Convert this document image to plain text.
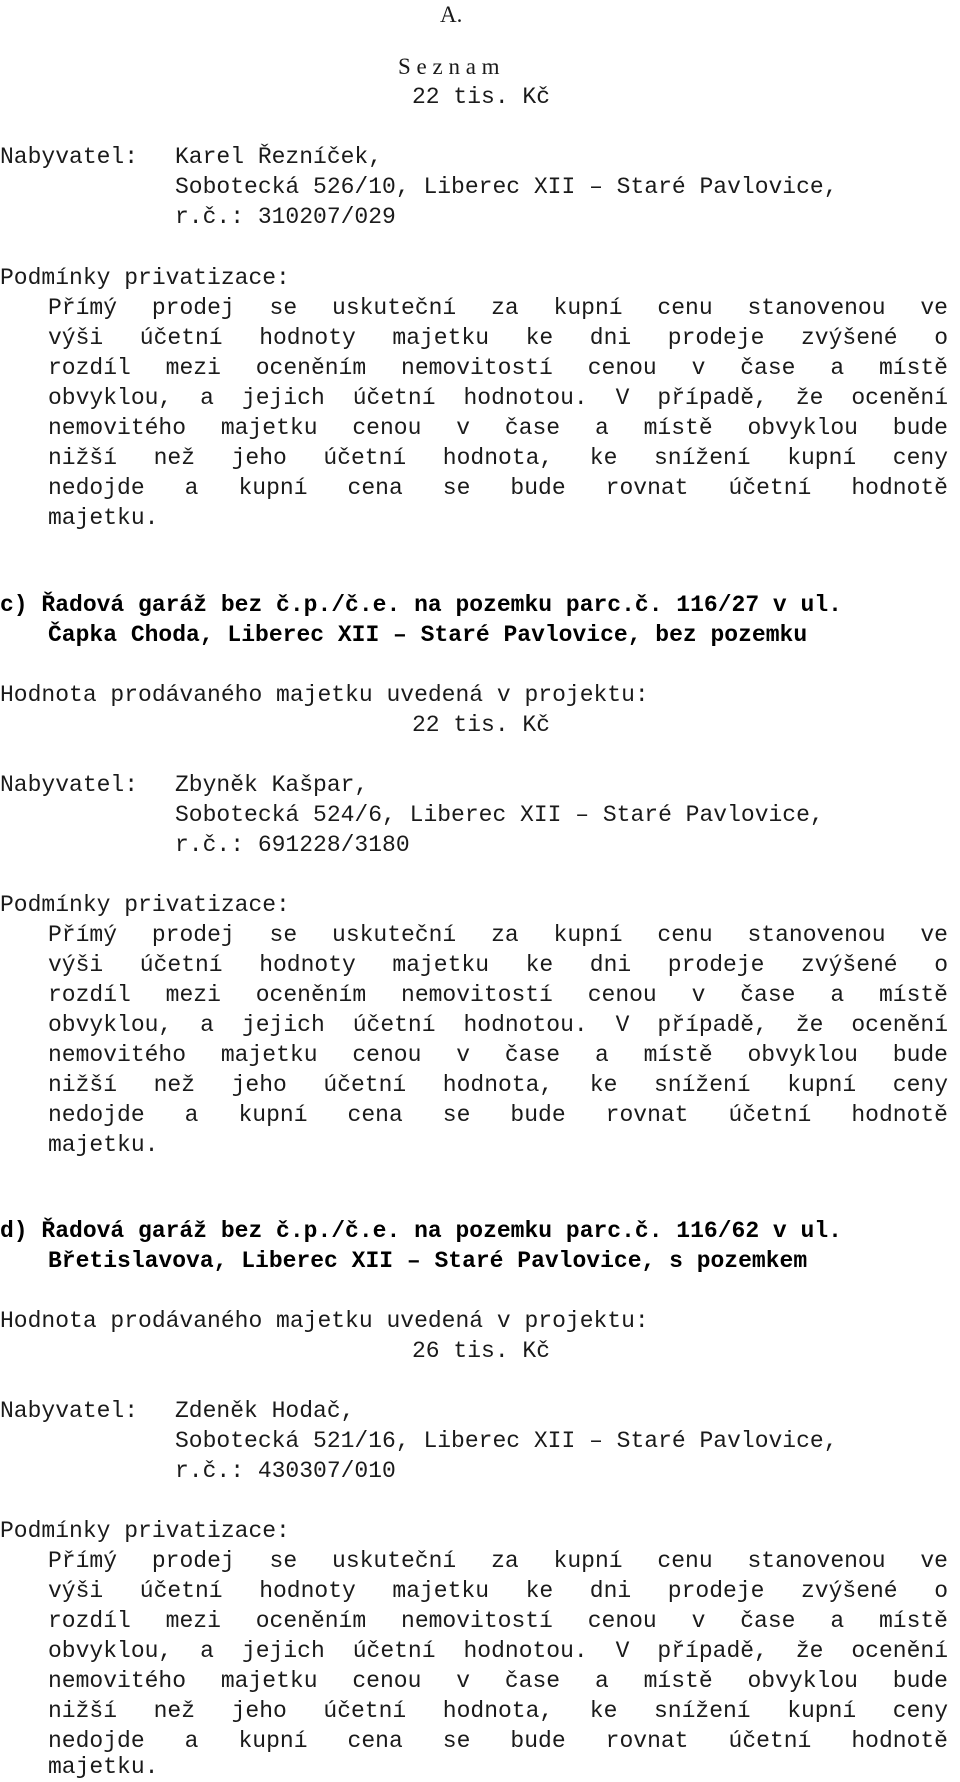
A.
S e z n a m
22 tis. Kč
Nabyvatel: Karel Řezníček,
Sobotecká 526/10, Liberec XII – Staré Pavlovice,
r.č.: 310207/029
Podmínky privatizace:
Přímý prodej se uskuteční za kupní cenu stanovenou ve
výši účetní hodnoty majetku ke dni prodeje zvýšené o
rozdíl mezi oceněním nemovitostí cenou v čase a místě
obvyklou, a jejich účetní hodnotou. V případě, že ocenění
nemovitého majetku cenou v čase a místě obvyklou bude
nižší než jeho účetní hodnota, ke snížení kupní ceny
nedojde a kupní cena se bude rovnat účetní hodnotě
majetku.
c) Řadová garáž bez č.p./č.e. na pozemku parc.č. 116/27 v ul.
Čapka Choda, Liberec XII – Staré Pavlovice, bez pozemku
Hodnota prodávaného majetku uvedená v projektu:
22 tis. Kč
Nabyvatel: Zbyněk Kašpar,
Sobotecká 524/6, Liberec XII – Staré Pavlovice,
r.č.: 691228/3180
Podmínky privatizace:
Přímý prodej se uskuteční za kupní cenu stanovenou ve
výši účetní hodnoty majetku ke dni prodeje zvýšené o
rozdíl mezi oceněním nemovitostí cenou v čase a místě
obvyklou, a jejich účetní hodnotou. V případě, že ocenění
nemovitého majetku cenou v čase a místě obvyklou bude
nižší než jeho účetní hodnota, ke snížení kupní ceny
nedojde a kupní cena se bude rovnat účetní hodnotě
majetku.
d) Řadová garáž bez č.p./č.e. na pozemku parc.č. 116/62 v ul.
Břetislavova, Liberec XII – Staré Pavlovice, s pozemkem
Hodnota prodávaného majetku uvedená v projektu:
26 tis. Kč
Nabyvatel: Zdeněk Hodač,
Sobotecká 521/16, Liberec XII – Staré Pavlovice,
r.č.: 430307/010
Podmínky privatizace:
Přímý prodej se uskuteční za kupní cenu stanovenou ve
výši účetní hodnoty majetku ke dni prodeje zvýšené o
rozdíl mezi oceněním nemovitostí cenou v čase a místě
obvyklou, a jejich účetní hodnotou. V případě, že ocenění
nemovitého majetku cenou v čase a místě obvyklou bude
nižší než jeho účetní hodnota, ke snížení kupní ceny
nedojde a kupní cena se bude rovnat účetní hodnotě
majetku.
